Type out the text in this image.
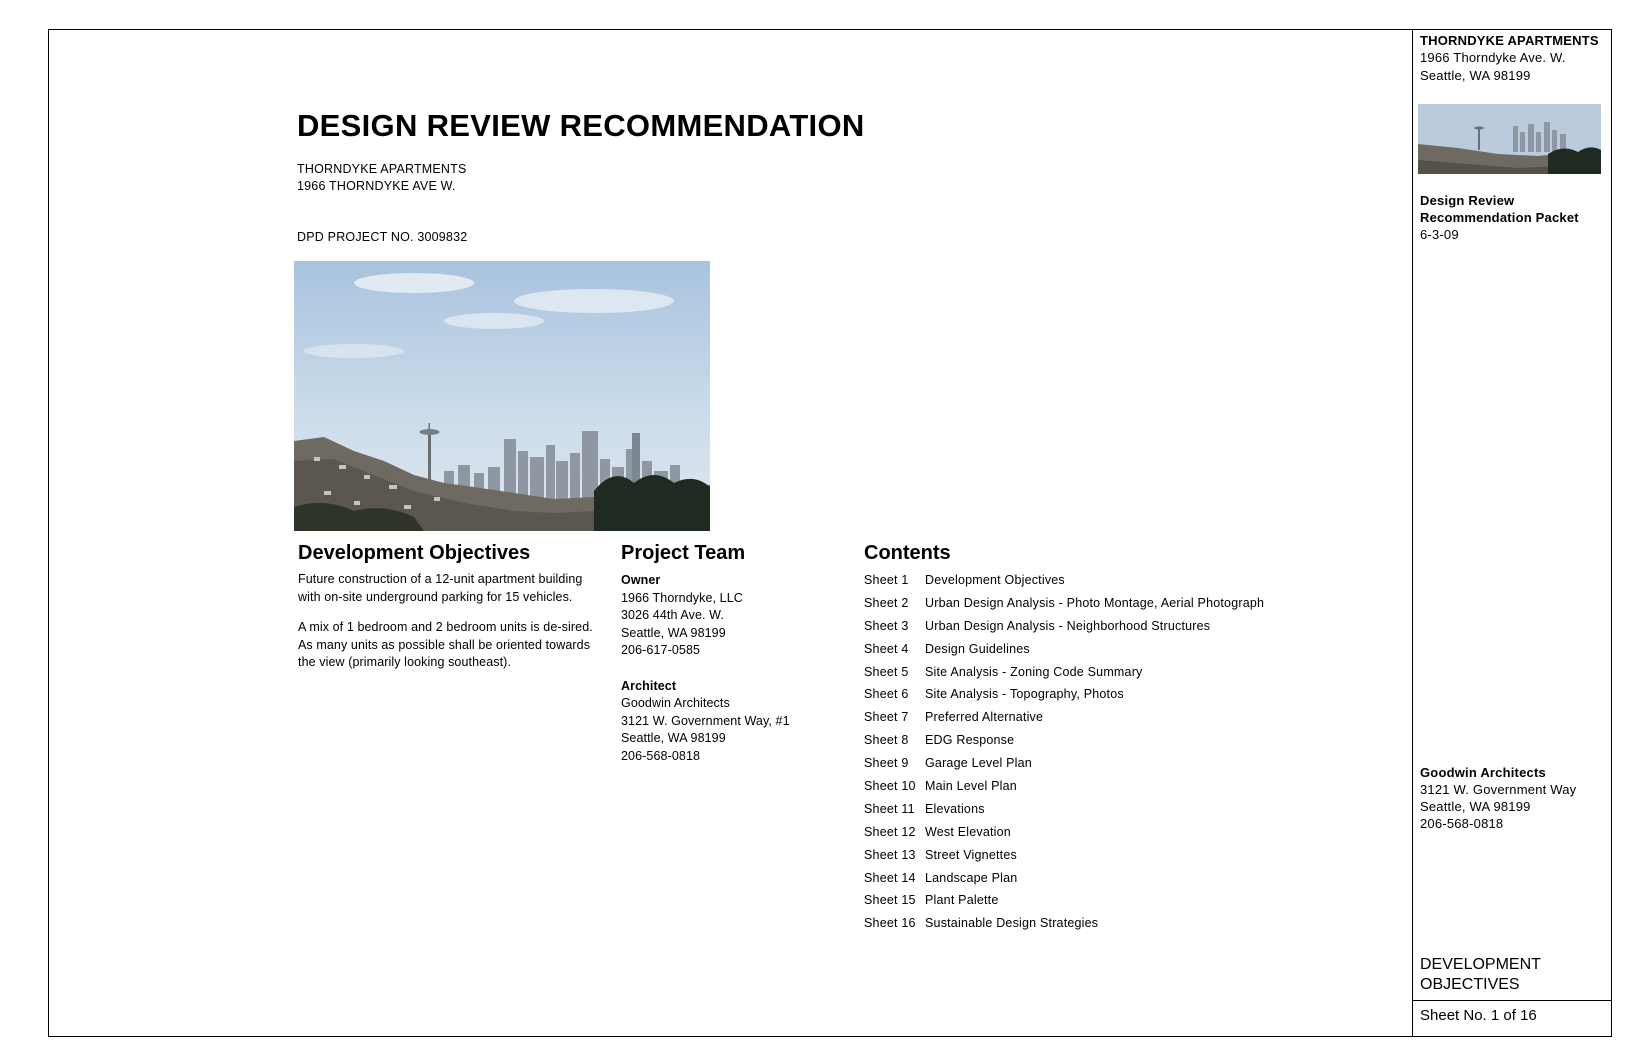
DESIGN REVIEW RECOMMENDATION
THORNDYKE APARTMENTS
1966 THORNDYKE AVE W.
DPD PROJECT NO. 3009832
Development Objectives
Future construction of a 12-unit apartment building with on-site underground parking for 15 vehicles.
A mix of 1 bedroom and 2 bedroom units is de-sired. As many units as possible shall be oriented towards the view (primarily looking southeast).
Project Team
Owner
1966 Thorndyke, LLC
3026 44th Ave. W.
Seattle, WA 98199
206-617-0585
Architect
Goodwin Architects
3121 W. Government Way, #1
Seattle, WA 98199
206-568-0818
Contents
Sheet 1	Development Objectives
Sheet 2	Urban Design Analysis - Photo Montage, Aerial Photograph
Sheet 3	Urban Design Analysis - Neighborhood Structures
Sheet 4	Design Guidelines
Sheet 5	Site Analysis - Zoning Code Summary
Sheet 6	Site Analysis - Topography, Photos
Sheet 7	Preferred Alternative
Sheet 8	EDG Response
Sheet 9	Garage Level Plan
Sheet 10 Main Level Plan
Sheet 11 Elevations
Sheet 12 West Elevation
Sheet 13 Street Vignettes
Sheet 14 Landscape Plan
Sheet 15 Plant Palette
Sheet 16 Sustainable Design Strategies
THORNDYKE APARTMENTS
1966 Thorndyke Ave. W.
Seattle, WA 98199
Design Review
Recommendation Packet
6-3-09
Goodwin Architects
3121 W. Government Way
Seattle, WA 98199
206-568-0818
DEVELOPMENT
OBJECTIVES
Sheet No. 1 of 16
